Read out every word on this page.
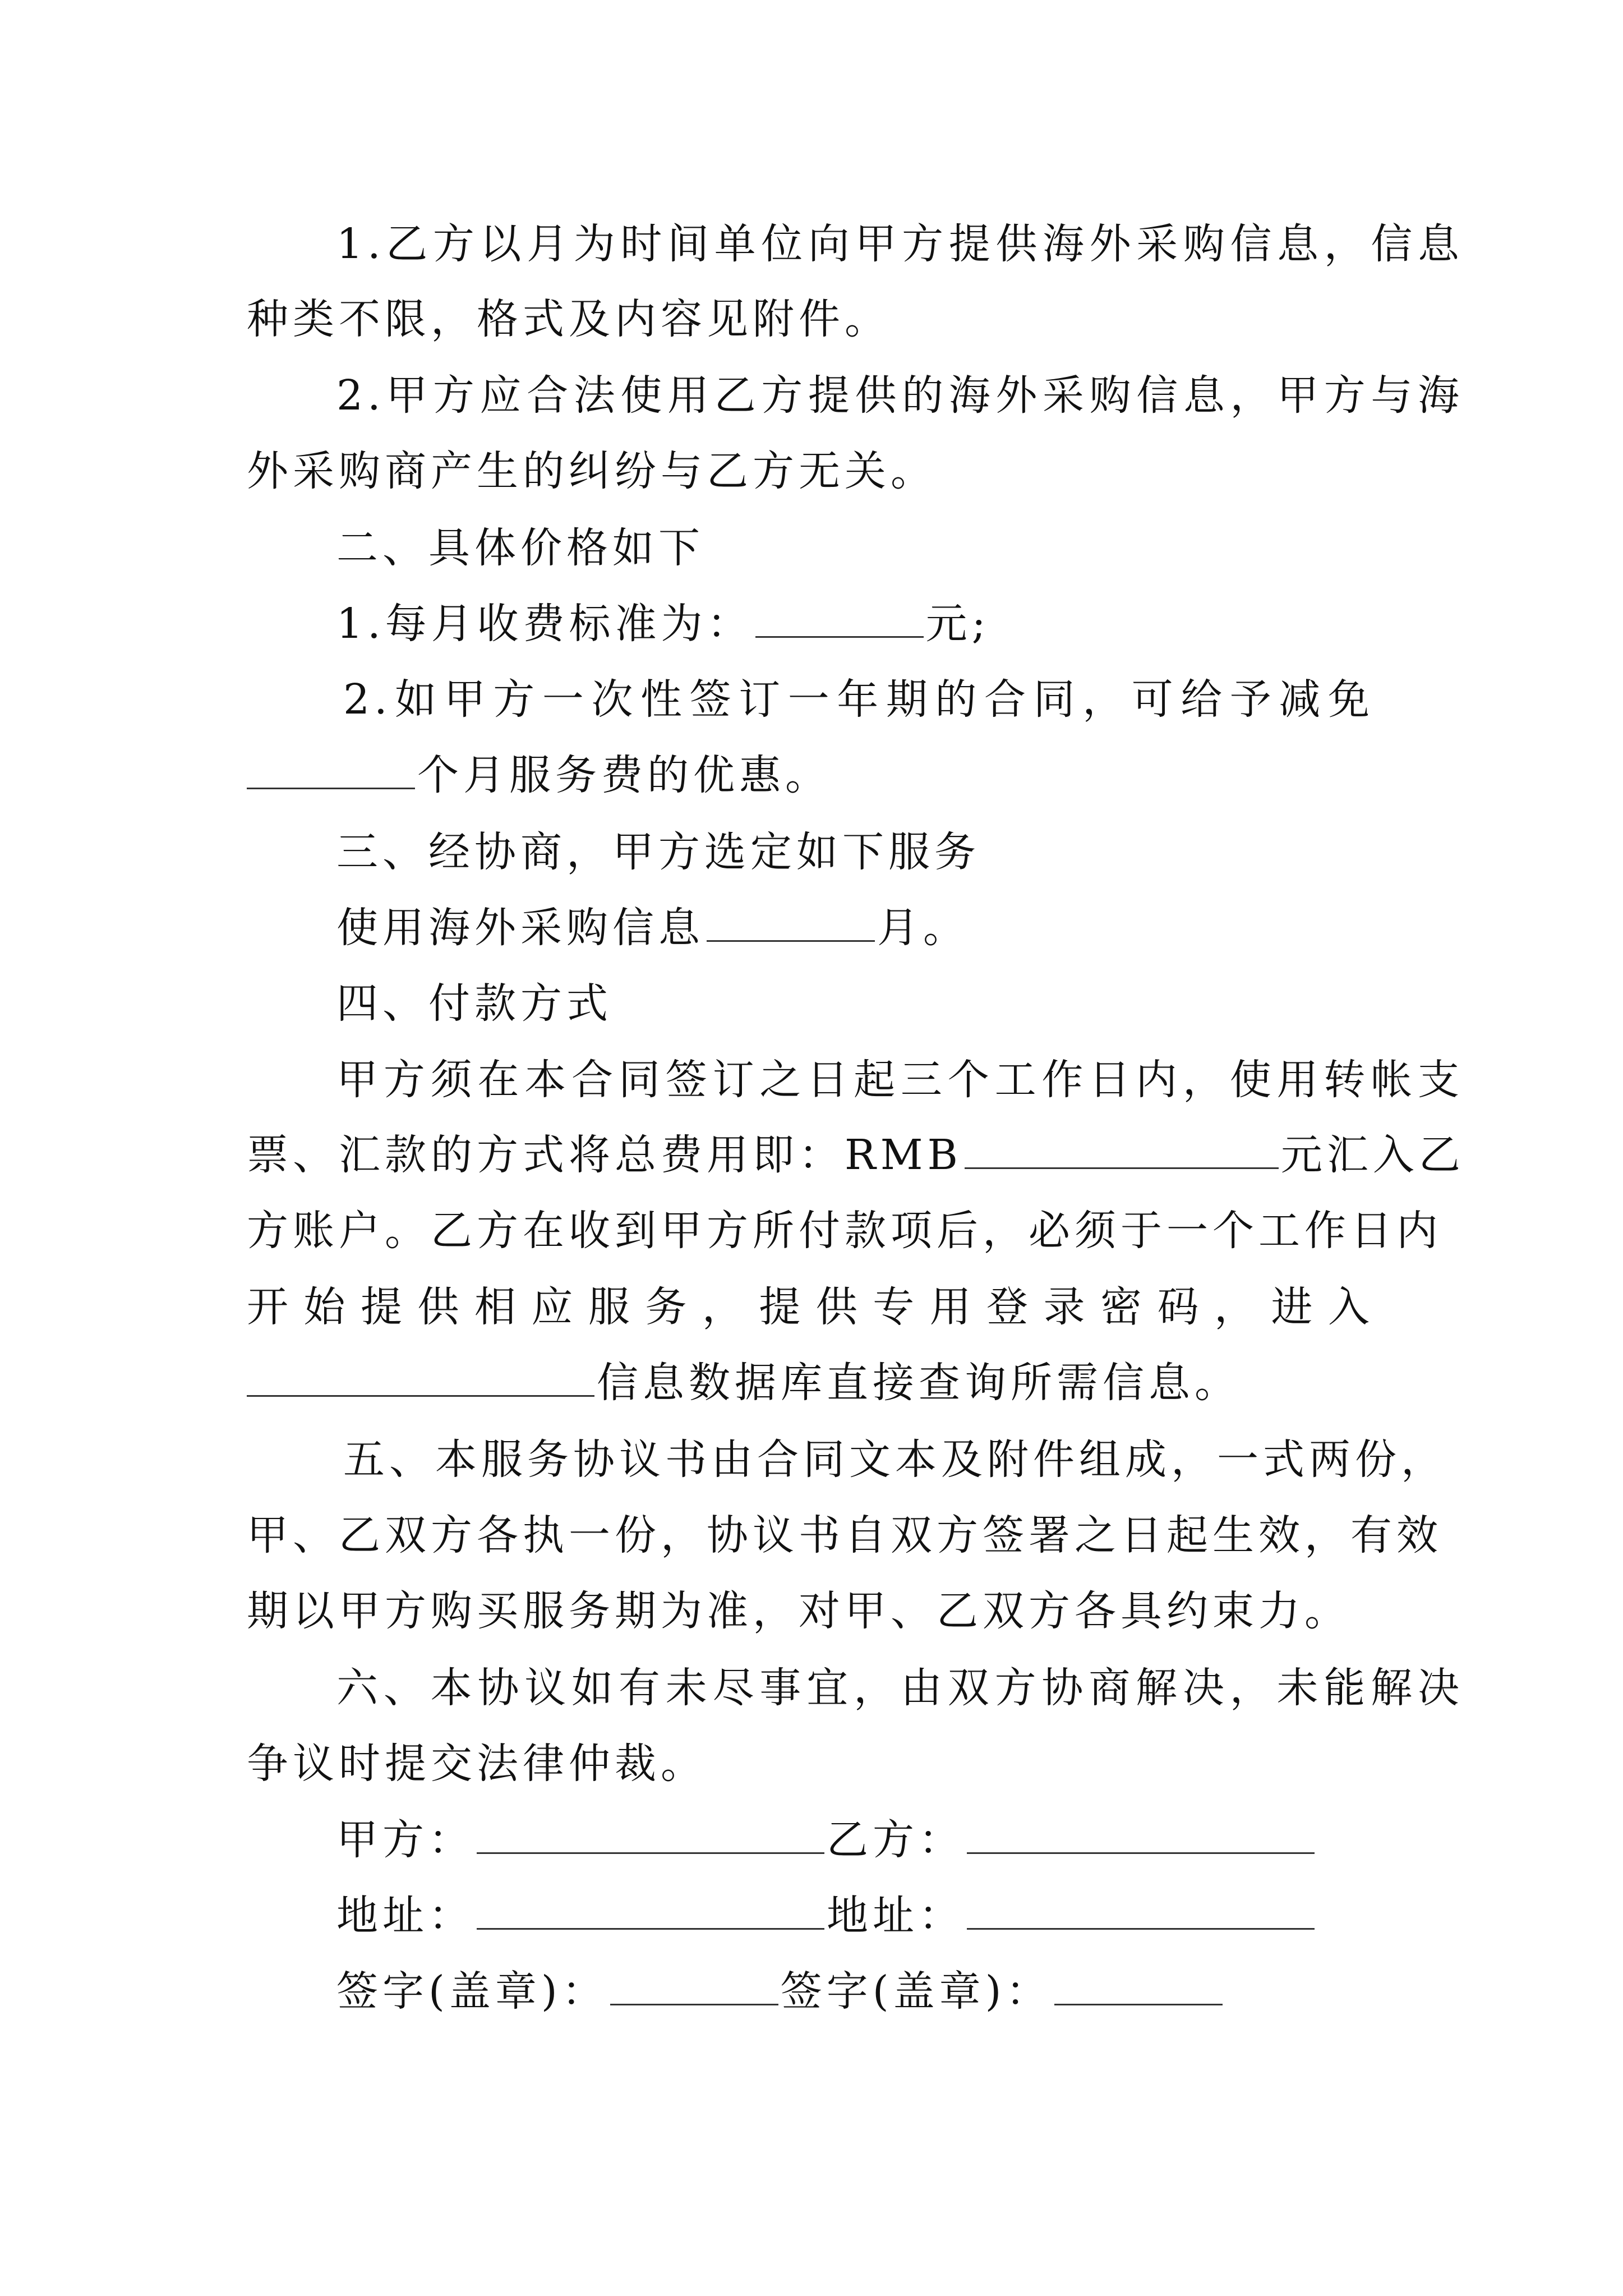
1.乙方以月为时间单位向甲方提供海外采购信息，信息
种类不限，格式及内容见附件。
2.甲方应合法使用乙方提供的海外采购信息，甲方与海
外采购商产生的纠纷与乙方无关。
二、具体价格如下
1.每月收费标准为：	元;
2.如甲方一次性签订一年期的合同，可给予减免
个月服务费的优惠。
三、经协商，甲方选定如下服务
使用海外采购信息	月。
四、付款方式
甲方须在本合同签订之日起三个工作日内，使用转帐支
票、汇款的方式将总费用即：RMB	元汇入乙
方账户。乙方在收到甲方所付款项后，必须于一个工作日内
开始提供相应服务，提供专用登录密码，进入
信息数据库直接查询所需信息。
五、本服务协议书由合同文本及附件组成，一式两份，
甲、乙双方各执一份，协议书自双方签署之日起生效，有效
期以甲方购买服务期为准，对甲、乙双方各具约束力。
六、本协议如有未尽事宜，由双方协商解决，未能解决
争议时提交法律仲裁。
甲方：	乙方：
地址：	地址：
签字(盖章)：	签字(盖章)：
